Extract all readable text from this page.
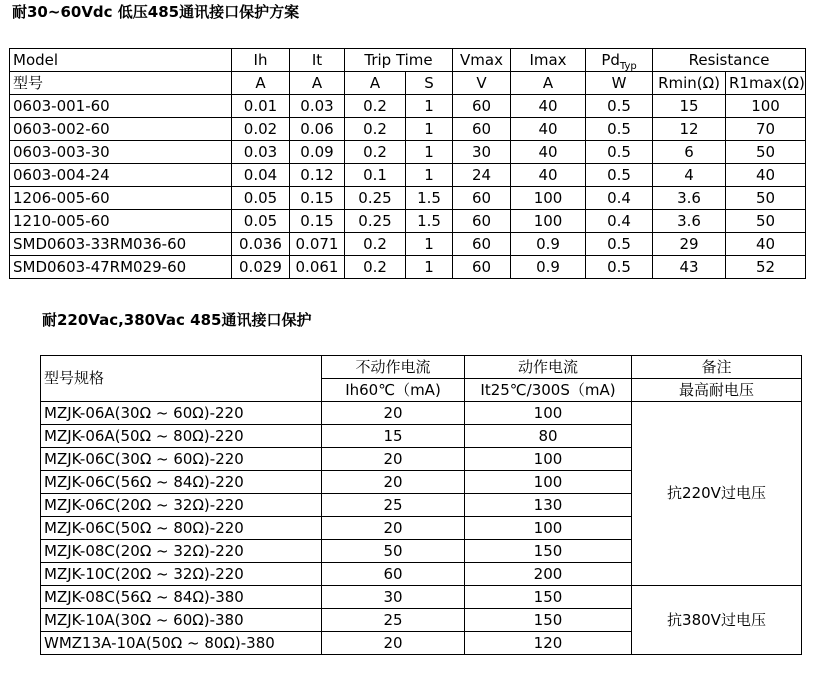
耐30~60Vdc 低压485通讯接口保护方案
Model	Ih	It	Trip Time		Vmax	Imax	$Pd_{Typ}$	Resistance	
型号	A	A	A	S	V	A	W	Rmin(Ω)	R1max(Ω)
0603-001-60	0.01	0.03	0.2	1	60	40	0.5	15	100
0603-002-60	0.02	0.06	0.2	1	60	40	0.5	12	70
0603-003-30	0.03	0.09	0.2	1	30	40	0.5	6	50
0603-004-24	0.04	0.12	0.1	1	24	40	0.5	4	40
1206-005-60	0.05	0.15	0.25	1.5	60	100	0.4	3.6	50
1210-005-60	0.05	0.15	0.25	1.5	60	100	0.4	3.6	50
SMD0603-33RM036-60	0.036	0.071	0.2	1	60	0.9	0.5	29	40
SMD0603-47RM029-60	0.029	0.061	0.2	1	60	0.9	0.5	43	52
耐220Vac,380Vac 485通讯接口保护
型号规格	不动作电流	动作电流	备注
	Ih60℃（mA)	It25℃/300S（mA)	最高耐电压
MZJK-06A(30Ω ~ 60Ω)-220	20	100	抗220V过电压
MZJK-06A(50Ω ~ 80Ω)-220	15	80	
MZJK-06C(30Ω ~ 60Ω)-220	20	100	
MZJK-06C(56Ω ~ 84Ω)-220	20	100	
MZJK-06C(20Ω ~ 32Ω)-220	25	130	
MZJK-06C(50Ω ~ 80Ω)-220	20	100	
MZJK-08C(20Ω ~ 32Ω)-220	50	150	
MZJK-10C(20Ω ~ 32Ω)-220	60	200	
MZJK-08C(56Ω ~ 84Ω)-380	30	150	抗380V过电压
MZJK-10A(30Ω ~ 60Ω)-380	25	150	
WMZ13A-10A(50Ω ~ 80Ω)-380	20	120	
